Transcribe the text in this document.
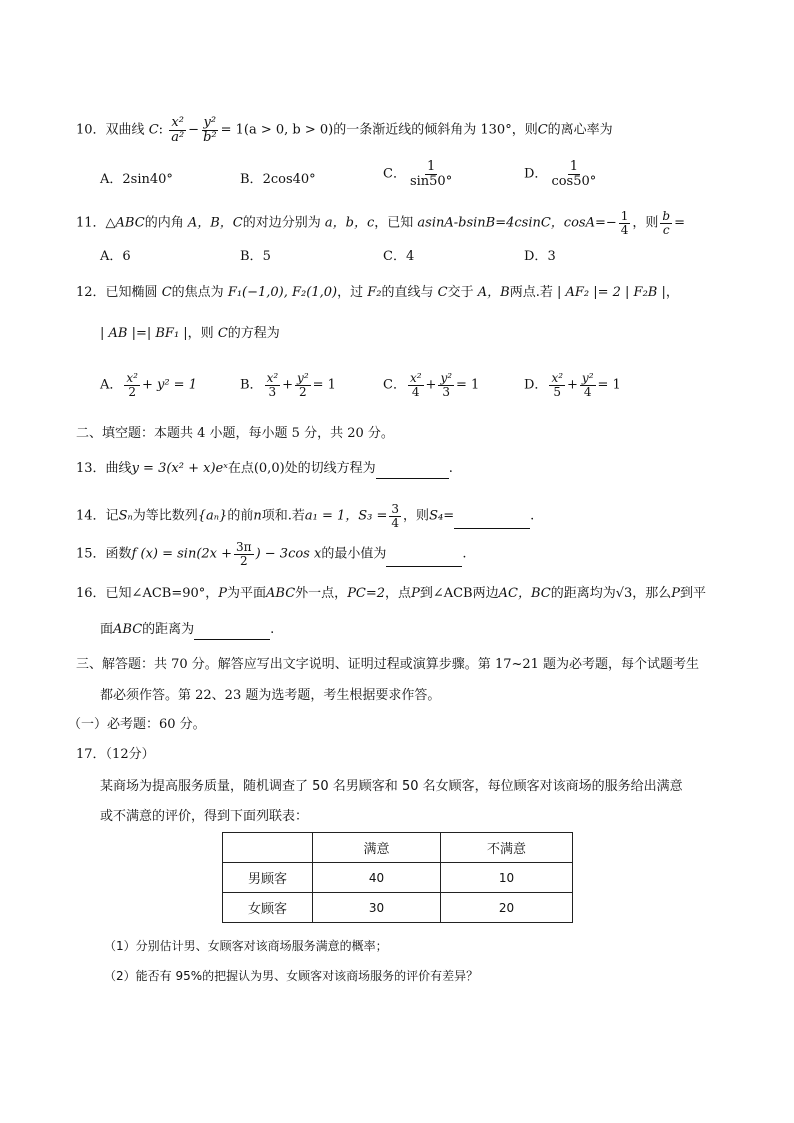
10．双曲线 C: $\frac{\text{x²}}{\text{a²}} - \frac{\text{y²}}{\text{b²}} = 1(a > 0$, b > 0)的一条渐近线的倾斜角为 130°，则C的离心率为
A．2sin40°	B．2cos40°	C． $\frac{1}{\sin 50^\circ}$	D． $\frac{1}{\cos 50^\circ}$
11．△ABC的内角 A，B，C的对边分别为 a，b，c，已知 asinA-bsinB=4csinC，$\cos A=- \frac{1}{4}$ ，则 $\frac{b}{c}$ =
A．6	B．5	C．4	D．3
12．已知椭圆 C的焦点为 F₁(−1,0), F₂(1,0)，过 F₂的直线与 C交于 A，B两点.若 | AF₂ |= 2 | F₂B |，
| AB |=| BF₁ |，则 C的方程为
A． $\frac{\text{x²}}{2} + y^2 = 1$	B． $\frac{\text{x²}}{3} + \frac{\text{y²}}{2} = 1$	C． $\frac{\text{x²}}{4} + \frac{\text{y²}}{3} = 1$	D． $\frac{\text{x²}}{5} + \frac{\text{y²}}{4} = 1$
二、填空题：本题共 4 小题，每小题 5 分，共 20 分。
13．曲线y = 3(x² + x)eˣ在点(0,0)处的切线方程为	.
14．记Sₙ为等比数列{aₙ}的前n项和.若a₁ = 1，$S_3 = \frac{3}{4}$ ，则S₄=	.
15．函数f $(x) = \sin(2x + \frac{3\pi}{2}$ ) − 3cos x的最小值为	.
16．已知∠ACB=90°，P为平面ABC外一点，PC=2，点P到∠ACB两边AC，BC的距离均为√3，那么P到平
面ABC的距离为	.
三、解答题：共 70 分。解答应写出文字说明、证明过程或演算步骤。第 17~21 题为必考题，每个试题考生
都必须作答。第 22、23 题为选考题，考生根据要求作答。
（一）必考题：60 分。
17．（12分）
某商场为提高服务质量，随机调查了 50 名男顾客和 50 名女顾客，每位顾客对该商场的服务给出满意
或不满意的评价，得到下面列联表：
	满意	不满意
男顾客	40	10
女顾客	30	20
（1）分别估计男、女顾客对该商场服务满意的概率；
（2）能否有 95%的把握认为男、女顾客对该商场服务的评价有差异？
